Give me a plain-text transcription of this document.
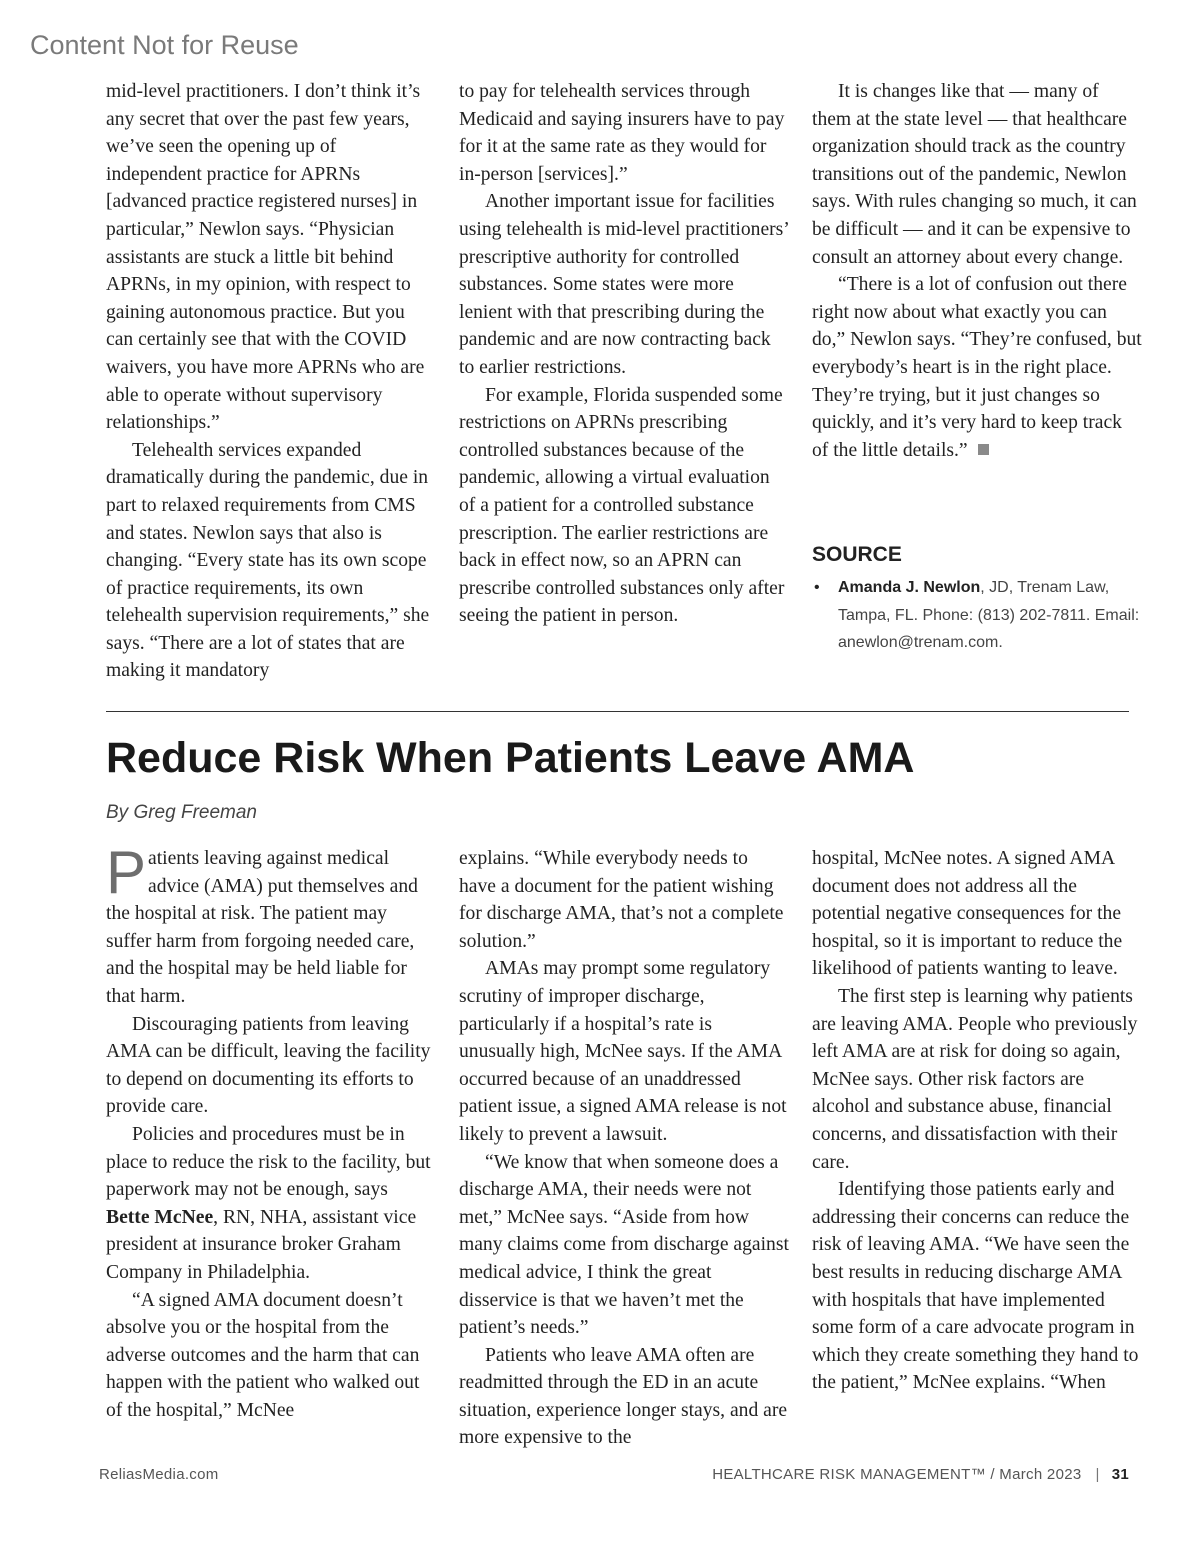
Content Not for Reuse

mid-level practitioners. I don’t think it’s any secret that over the past few years, we’ve seen the opening up of independent practice for APRNs [advanced practice registered nurses] in particular,” Newlon says. “Physician assistants are stuck a little bit behind APRNs, in my opinion, with respect to gaining autonomous practice. But you can certainly see that with the COVID waivers, you have more APRNs who are able to operate without supervisory relationships.”

Telehealth services expanded dramatically during the pandemic, due in part to relaxed requirements from CMS and states. Newlon says that also is changing. “Every state has its own scope of practice requirements, its own telehealth supervision requirements,” she says. “There are a lot of states that are making it mandatory

to pay for telehealth services through Medicaid and saying insurers have to pay for it at the same rate as they would for in-person [services].”

Another important issue for facilities using telehealth is mid-level practitioners’ prescriptive authority for controlled substances. Some states were more lenient with that prescribing during the pandemic and are now contracting back to earlier restrictions.

For example, Florida suspended some restrictions on APRNs prescribing controlled substances because of the pandemic, allowing a virtual evaluation of a patient for a controlled substance prescription. The earlier restrictions are back in effect now, so an APRN can prescribe controlled substances only after seeing the patient in person.

It is changes like that — many of them at the state level — that healthcare organization should track as the country transitions out of the pandemic, Newlon says. With rules changing so much, it can be difficult — and it can be expensive to consult an attorney about every change.

“There is a lot of confusion out there right now about what exactly you can do,” Newlon says. “They’re confused, but everybody’s heart is in the right place. They’re trying, but it just changes so quickly, and it’s very hard to keep track of the little details.”

SOURCE
• Amanda J. Newlon, JD, Trenam Law, Tampa, FL. Phone: (813) 202-7811. Email: anewlon@trenam.com.
Reduce Risk When Patients Leave AMA
By Greg Freeman

Patients leaving against medical advice (AMA) put themselves and the hospital at risk. The patient may suffer harm from forgoing needed care, and the hospital may be held liable for that harm.

Discouraging patients from leaving AMA can be difficult, leaving the facility to depend on documenting its efforts to provide care.

Policies and procedures must be in place to reduce the risk to the facility, but paperwork may not be enough, says Bette McNee, RN, NHA, assistant vice president at insurance broker Graham Company in Philadelphia.

“A signed AMA document doesn’t absolve you or the hospital from the adverse outcomes and the harm that can happen with the patient who walked out of the hospital,” McNee

explains. “While everybody needs to have a document for the patient wishing for discharge AMA, that’s not a complete solution.”

AMAs may prompt some regulatory scrutiny of improper discharge, particularly if a hospital’s rate is unusually high, McNee says. If the AMA occurred because of an unaddressed patient issue, a signed AMA release is not likely to prevent a lawsuit.

“We know that when someone does a discharge AMA, their needs were not met,” McNee says. “Aside from how many claims come from discharge against medical advice, I think the great disservice is that we haven’t met the patient’s needs.”

Patients who leave AMA often are readmitted through the ED in an acute situation, experience longer stays, and are more expensive to the

hospital, McNee notes. A signed AMA document does not address all the potential negative consequences for the hospital, so it is important to reduce the likelihood of patients wanting to leave.

The first step is learning why patients are leaving AMA. People who previously left AMA are at risk for doing so again, McNee says. Other risk factors are alcohol and substance abuse, financial concerns, and dissatisfaction with their care.

Identifying those patients early and addressing their concerns can reduce the risk of leaving AMA. “We have seen the best results in reducing discharge AMA with hospitals that have implemented some form of a care advocate program in which they create something they hand to the patient,” McNee explains. “When

ReliasMedia.com	HEALTHCARE RISK MANAGEMENT™ / March 2023 | 31
